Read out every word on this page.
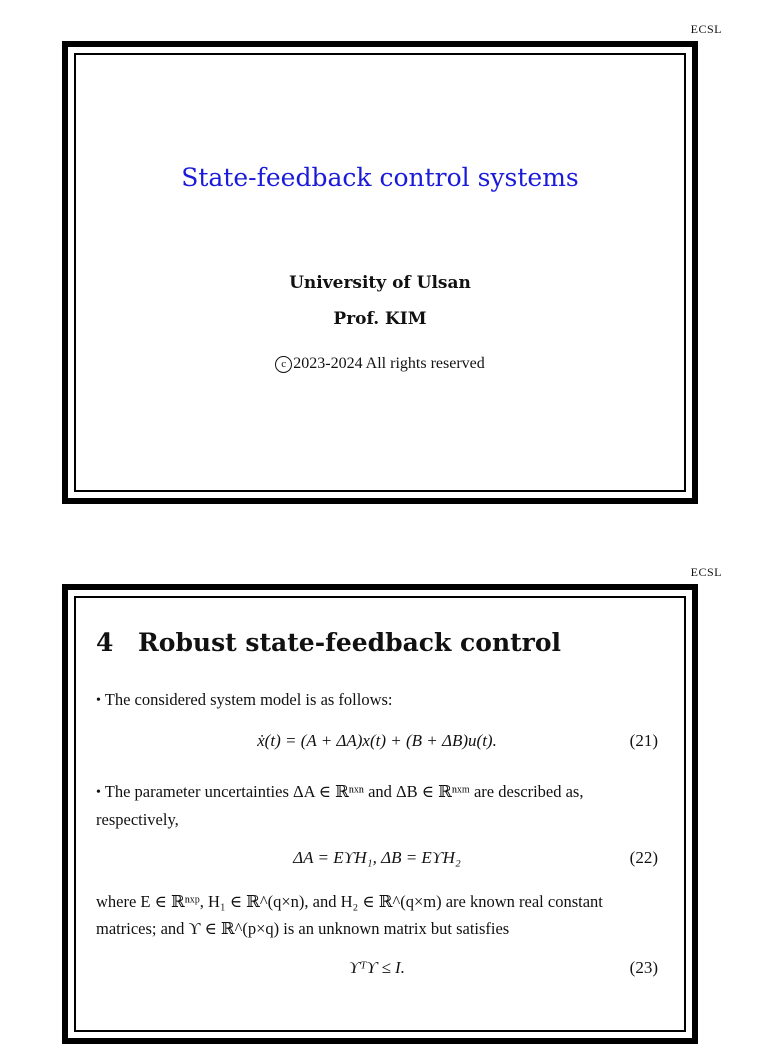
ECSL
State-feedback control systems
University of Ulsan
Prof. KIM
c 2023-2024 All rights reserved
ECSL
4 Robust state-feedback control
• The considered system model is as follows:
ẋ(t) = (A + ΔA)x(t) + (B + ΔB)u(t).	(21)
• The parameter uncertainties ΔA ∈ ℝⁿˣⁿ and ΔB ∈ ℝⁿˣᵐ are described as, respectively,
ΔA = EϒH₁, ΔB = EϒH₂	(22)
where E ∈ ℝⁿˣᵖ, H₁ ∈ ℝ^(q×n), and H₂ ∈ ℝ^(q×m) are known real constant matrices; and ϒ ∈ ℝ^(p×q) is an unknown matrix but satisfies
ϒᵀϒ ≤ I.	(23)
